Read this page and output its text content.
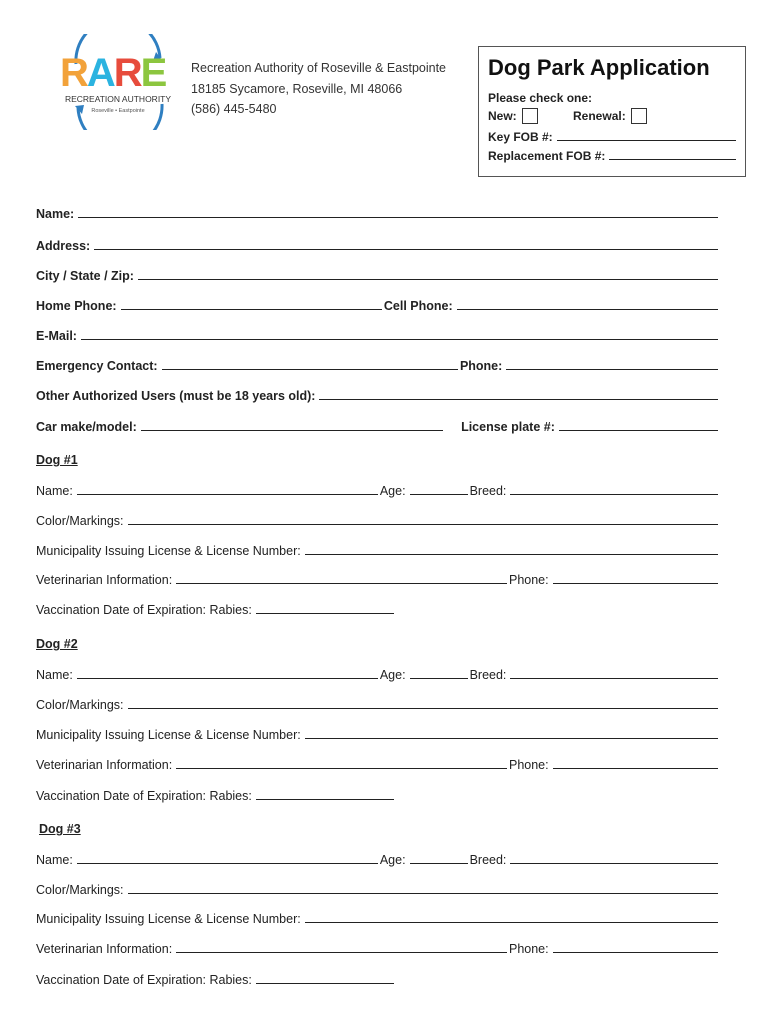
RARE
RECREATION AUTHORITY
Roseville • Eastpointe
Recreation Authority of Roseville & Eastpointe
18185 Sycamore, Roseville, MI 48066
(586) 445-5480
Dog Park Application
Please check one:
New:	Renewal:
Key FOB #:
Replacement FOB #:
Name:
Address:
City / State / Zip:
Home Phone:	Cell Phone:
E-Mail:
Emergency Contact:	Phone:
Other Authorized Users (must be 18 years old):
Car make/model:	License plate #:
Dog #1
Name:	Age:	Breed:
Color/Markings:
Municipality Issuing License & License Number:
Veterinarian Information:	Phone:
Vaccination Date of Expiration: Rabies:
Dog #2
Name:	Age:	Breed:
Color/Markings:
Municipality Issuing License & License Number:
Veterinarian Information:	Phone:
Vaccination Date of Expiration: Rabies:
Dog #3
Name:	Age:	Breed:
Color/Markings:
Municipality Issuing License & License Number:
Veterinarian Information:	Phone:
Vaccination Date of Expiration: Rabies:
